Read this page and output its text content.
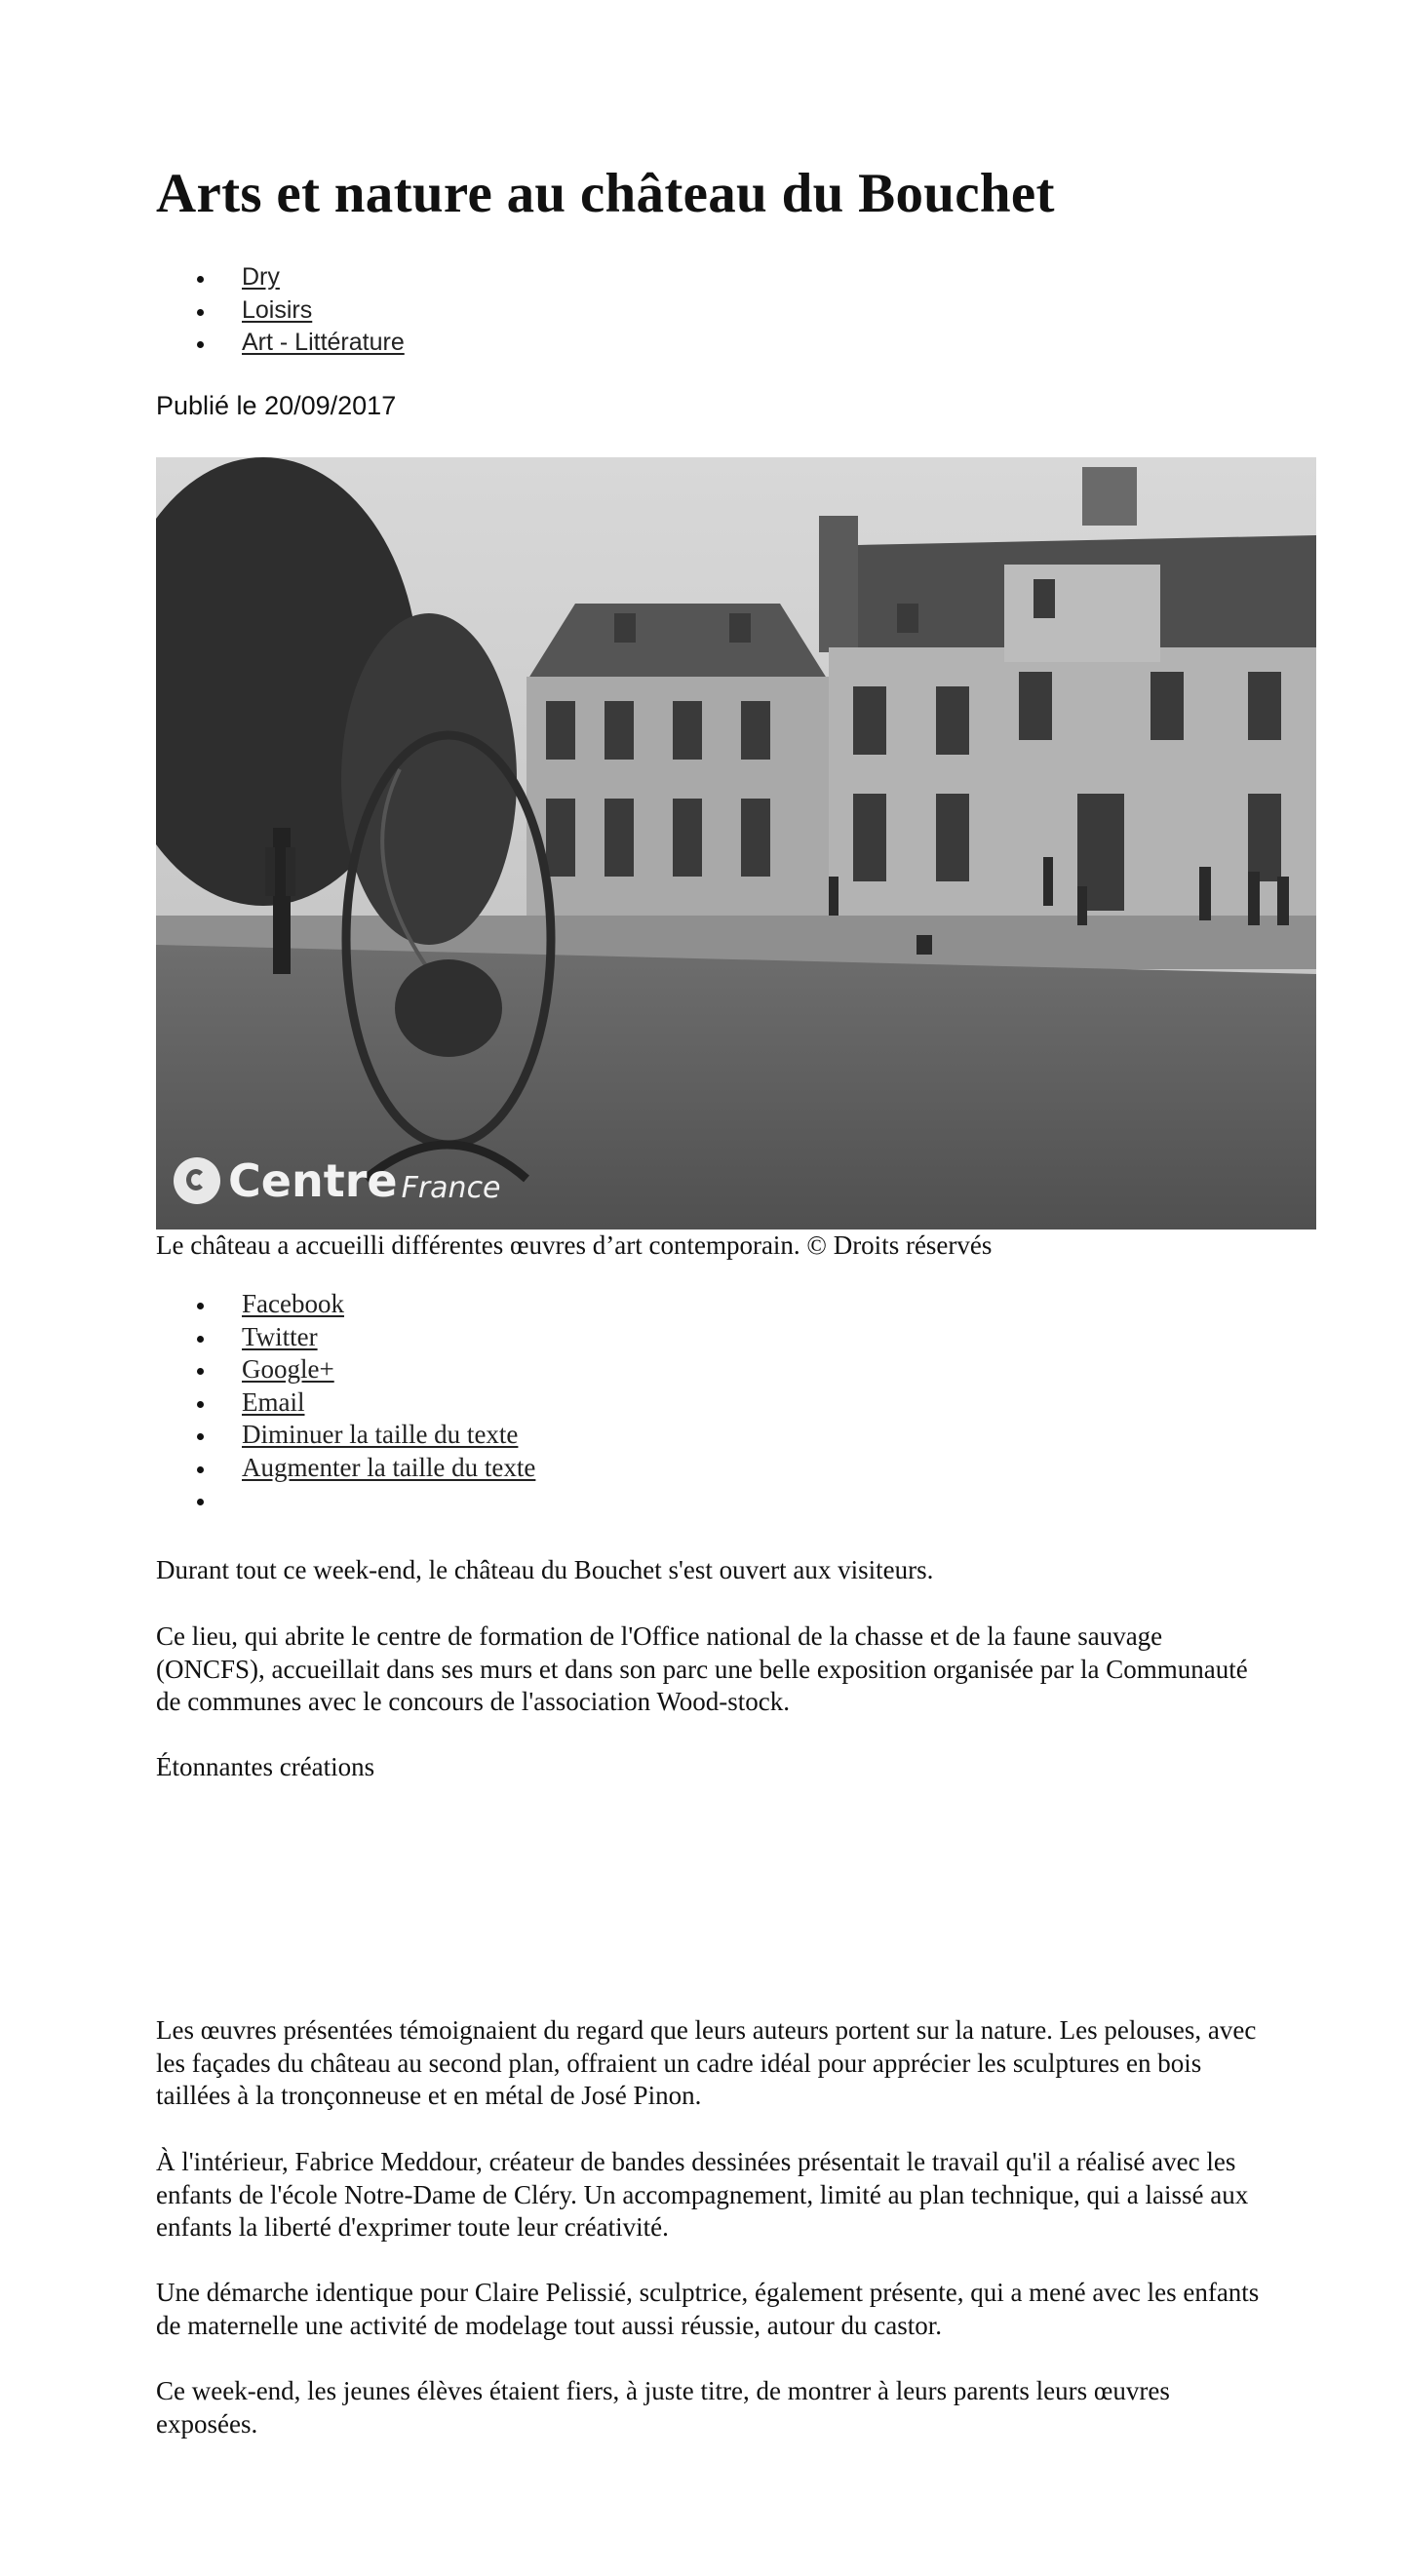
Arts et nature au château du Bouchet
Dry
Loisirs
Art - Littérature
Publié le 20/09/2017
Centre France
Le château a accueilli différentes œuvres d’art contemporain. © Droits réservés
Facebook
Twitter
Google+
Email
Diminuer la taille du texte
Augmenter la taille du texte

Durant tout ce week-end, le château du Bouchet s'est ouvert aux visiteurs.

Ce lieu, qui abrite le centre de formation de l'Office national de la chasse et de la faune sauvage (ONCFS), accueillait dans ses murs et dans son parc une belle exposition organisée par la Communauté de communes avec le concours de l'association Wood-stock.

Étonnantes créations

Les œuvres présentées témoignaient du regard que leurs auteurs portent sur la nature. Les pelouses, avec les façades du château au second plan, offraient un cadre idéal pour apprécier les sculptures en bois taillées à la tronçonneuse et en métal de José Pinon.

À l'intérieur, Fabrice Meddour, créateur de bandes dessinées présentait le travail qu'il a réalisé avec les enfants de l'école Notre-Dame de Cléry. Un accompagnement, limité au plan technique, qui a laissé aux enfants la liberté d'exprimer toute leur créativité.

Une démarche identique pour Claire Pelissié, sculptrice, également présente, qui a mené avec les enfants de maternelle une activité de modelage tout aussi réussie, autour du castor.

Ce week-end, les jeunes élèves étaient fiers, à juste titre, de montrer à leurs parents leurs œuvres exposées.
